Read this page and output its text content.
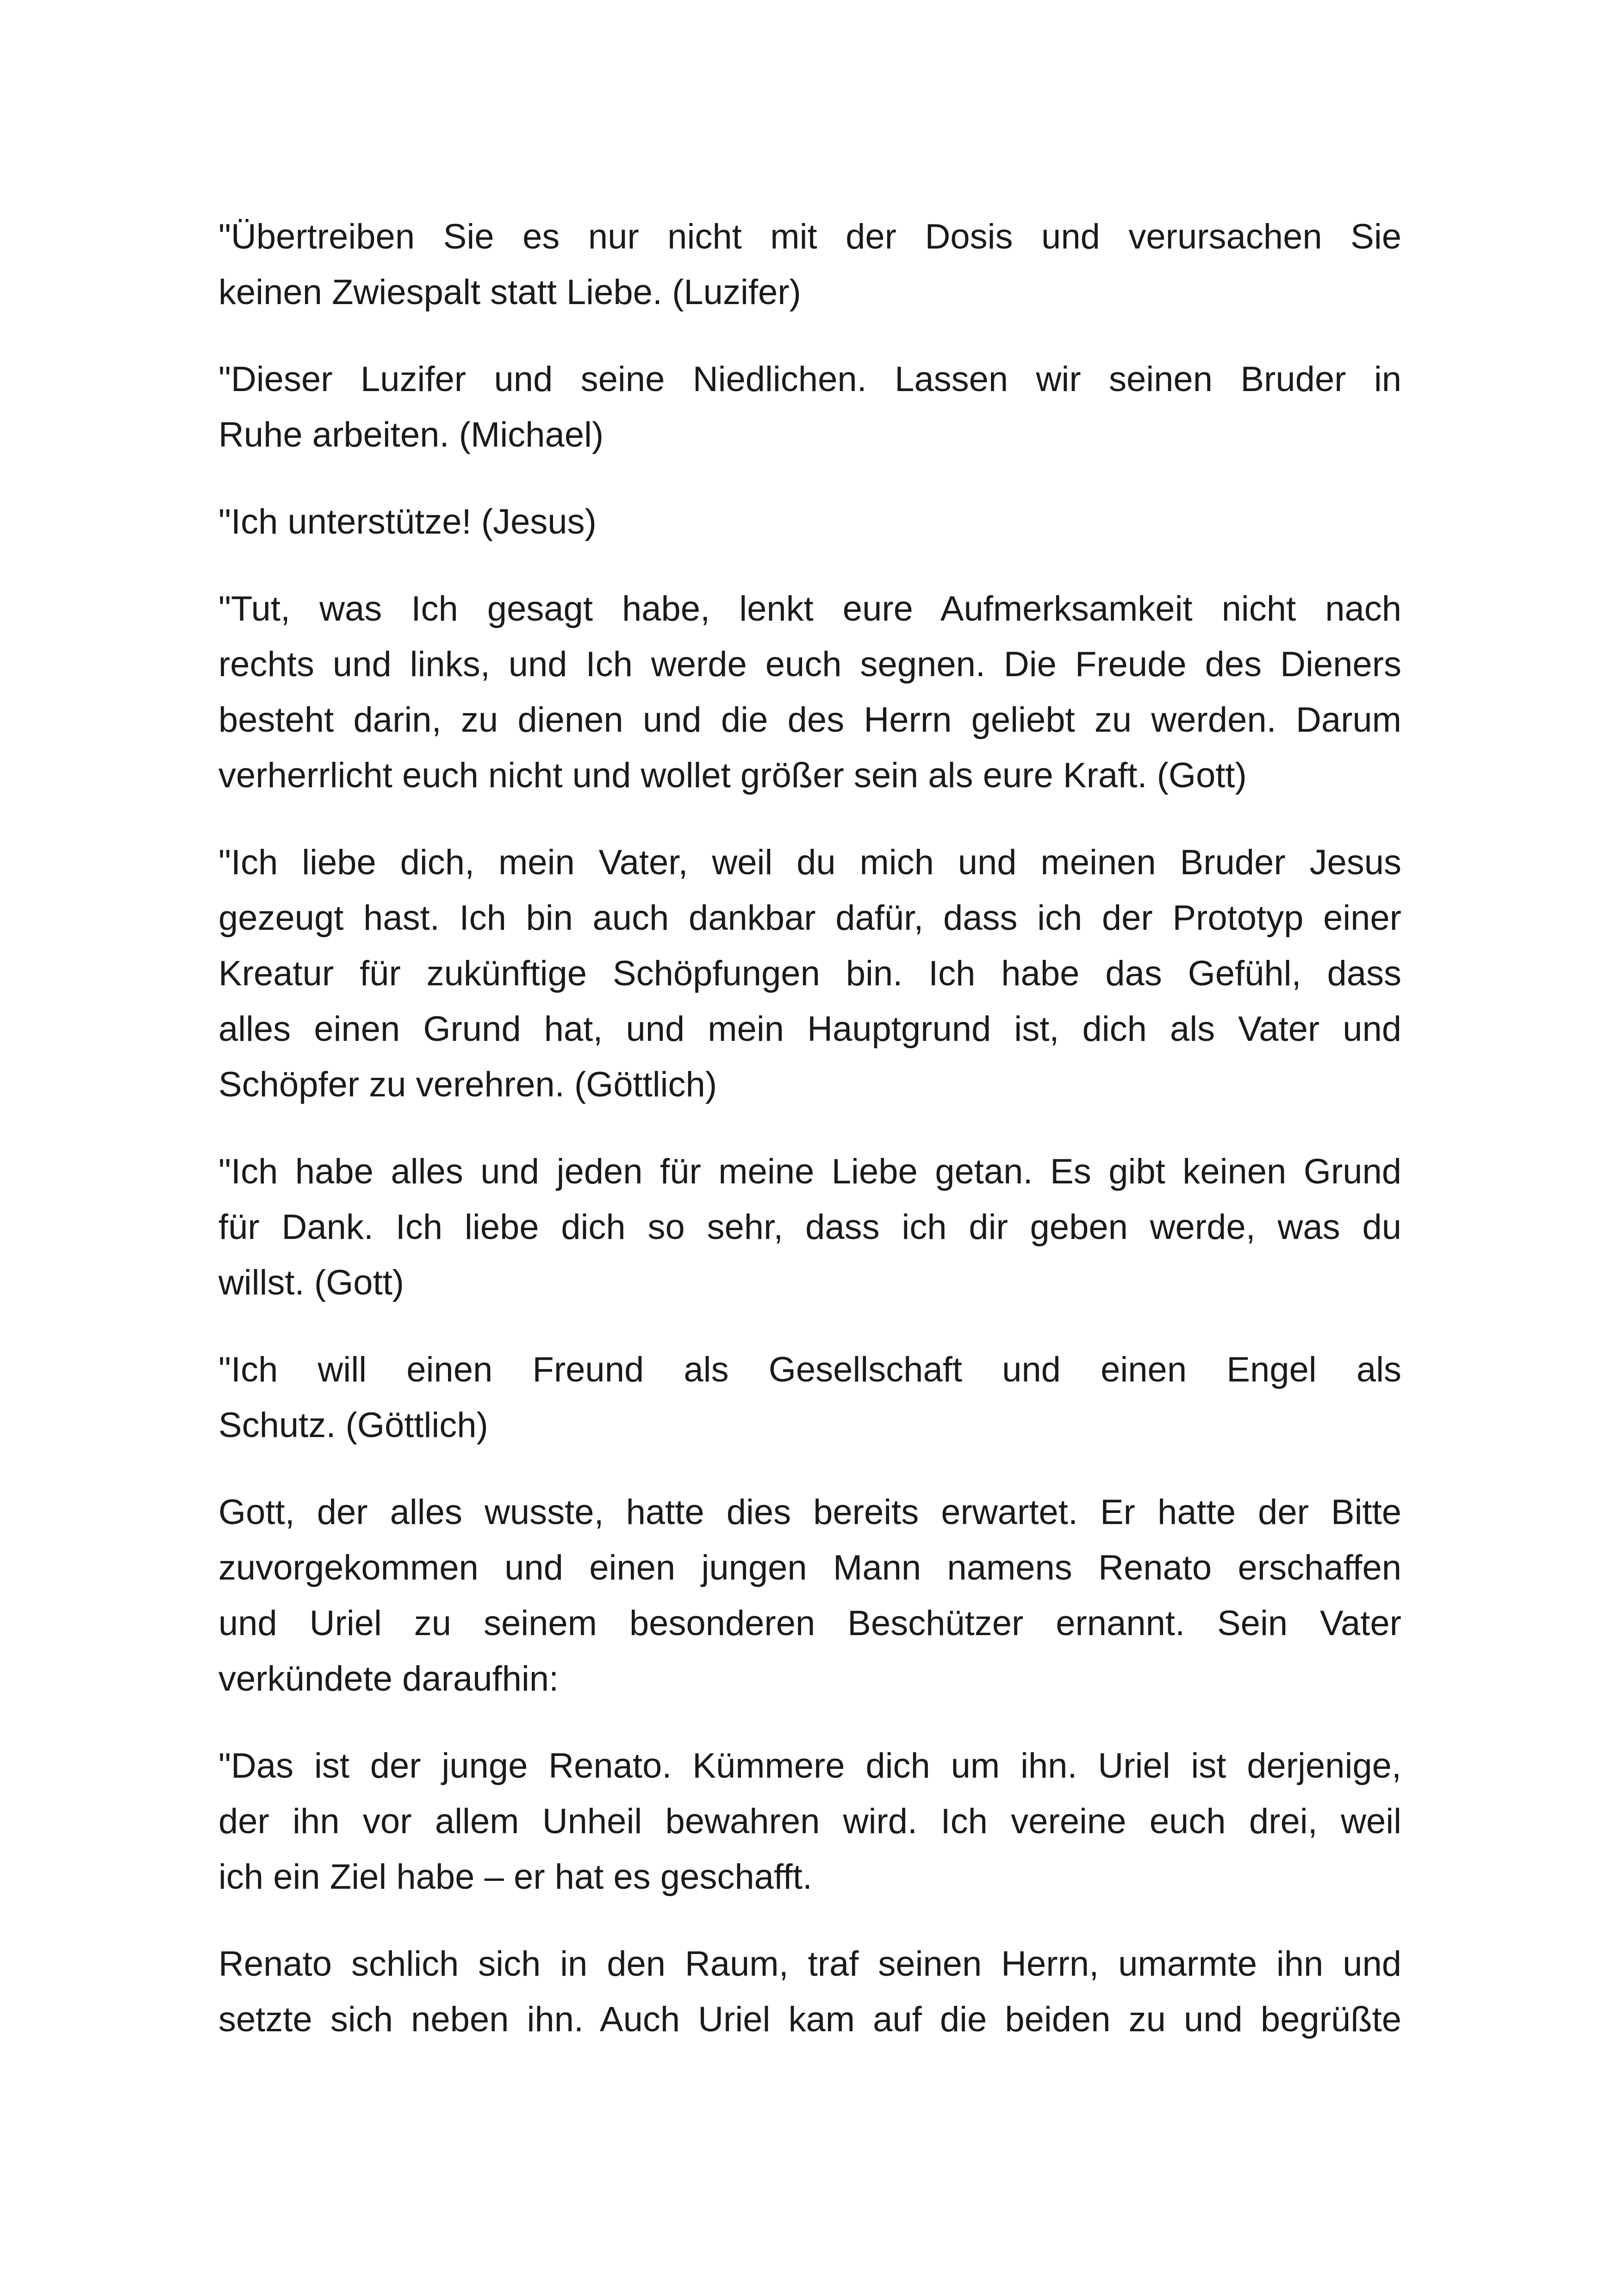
"Übertreiben Sie es nur nicht mit der Dosis und verursachen Sie
keinen Zwiespalt statt Liebe. (Luzifer)

"Dieser Luzifer und seine Niedlichen. Lassen wir seinen Bruder in
Ruhe arbeiten. (Michael)

"Ich unterstütze! (Jesus)

"Tut, was Ich gesagt habe, lenkt eure Aufmerksamkeit nicht nach
rechts und links, und Ich werde euch segnen. Die Freude des Dieners
besteht darin, zu dienen und die des Herrn geliebt zu werden. Darum
verherrlicht euch nicht und wollet größer sein als eure Kraft. (Gott)

"Ich liebe dich, mein Vater, weil du mich und meinen Bruder Jesus
gezeugt hast. Ich bin auch dankbar dafür, dass ich der Prototyp einer
Kreatur für zukünftige Schöpfungen bin. Ich habe das Gefühl, dass
alles einen Grund hat, und mein Hauptgrund ist, dich als Vater und
Schöpfer zu verehren. (Göttlich)

"Ich habe alles und jeden für meine Liebe getan. Es gibt keinen Grund
für Dank. Ich liebe dich so sehr, dass ich dir geben werde, was du
willst. (Gott)

"Ich will einen Freund als Gesellschaft und einen Engel als
Schutz. (Göttlich)

Gott, der alles wusste, hatte dies bereits erwartet. Er hatte der Bitte
zuvorgekommen und einen jungen Mann namens Renato erschaffen
und Uriel zu seinem besonderen Beschützer ernannt. Sein Vater
verkündete daraufhin:

"Das ist der junge Renato. Kümmere dich um ihn. Uriel ist derjenige,
der ihn vor allem Unheil bewahren wird. Ich vereine euch drei, weil
ich ein Ziel habe – er hat es geschafft.

Renato schlich sich in den Raum, traf seinen Herrn, umarmte ihn und
setzte sich neben ihn. Auch Uriel kam auf die beiden zu und begrüßte
